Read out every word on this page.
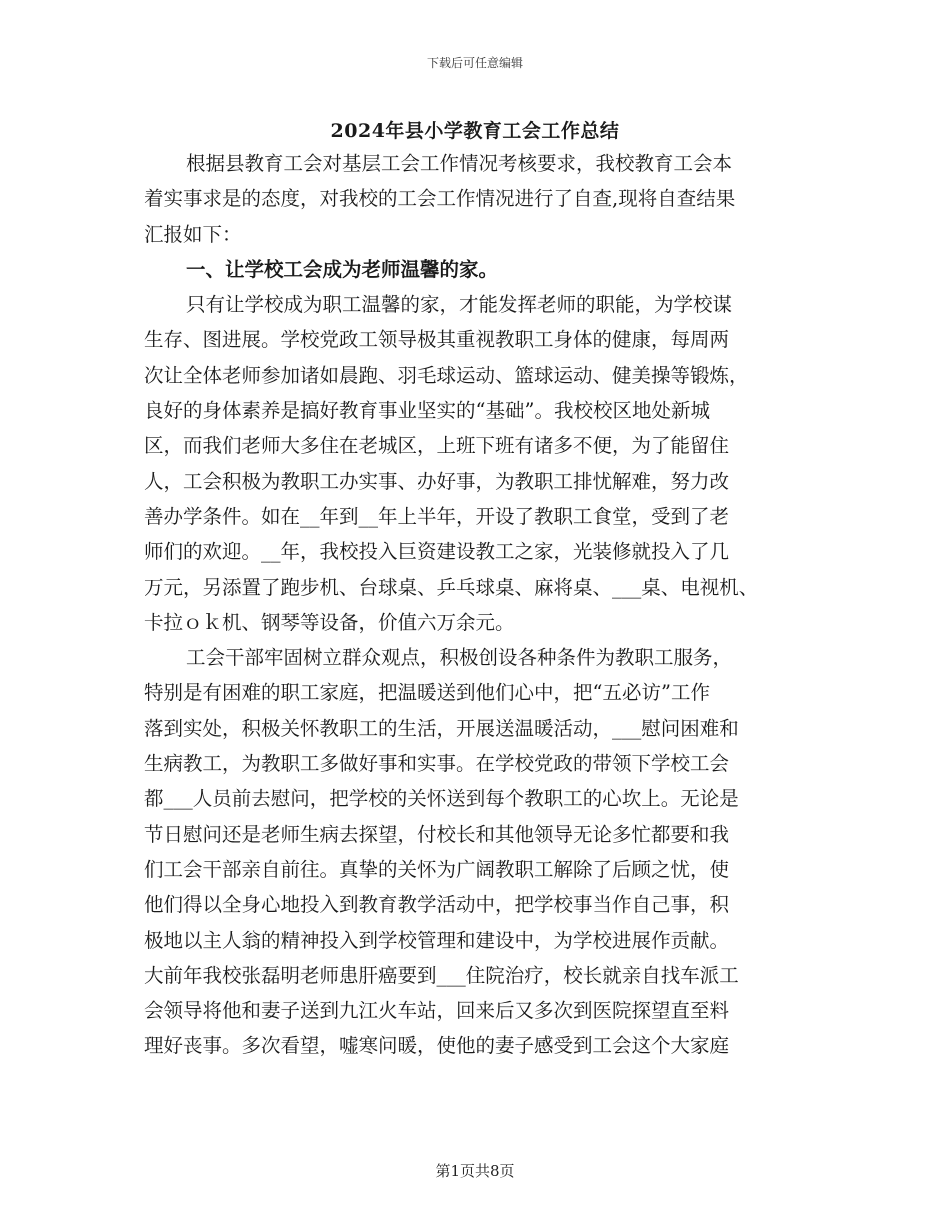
下载后可任意编辑
2024年县小学教育工会工作总结
根据县教育工会对基层工会工作情况考核要求，我校教育工会本
着实事求是的态度，对我校的工会工作情况进行了自查,现将自查结果
汇报如下：
一、让学校工会成为老师温馨的家。
只有让学校成为职工温馨的家，才能发挥老师的职能，为学校谋
生存、图进展。学校党政工领导极其重视教职工身体的健康，每周两
次让全体老师参加诸如晨跑、羽毛球运动、篮球运动、健美操等锻炼，
良好的身体素养是搞好教育事业坚实的“基础”。我校校区地处新城
区，而我们老师大多住在老城区，上班下班有诸多不便，为了能留住
人，工会积极为教职工办实事、办好事，为教职工排忧解难，努力改
善办学条件。如在__年到__年上半年，开设了教职工食堂，受到了老
师们的欢迎。__年，我校投入巨资建设教工之家，光装修就投入了几
万元，另添置了跑步机、台球桌、乒乓球桌、麻将桌、___桌、电视机、
卡拉ｏｋ机、钢琴等设备，价值六万余元。
工会干部牢固树立群众观点，积极创设各种条件为教职工服务，
特别是有困难的职工家庭，把温暖送到他们心中，把“五必访”工作
落到实处，积极关怀教职工的生活，开展送温暖活动，___慰问困难和
生病教工，为教职工多做好事和实事。在学校党政的带领下学校工会
都___人员前去慰问，把学校的关怀送到每个教职工的心坎上。无论是
节日慰问还是老师生病去探望，付校长和其他领导无论多忙都要和我
们工会干部亲自前往。真挚的关怀为广阔教职工解除了后顾之忧，使
他们得以全身心地投入到教育教学活动中，把学校事当作自己事，积
极地以主人翁的精神投入到学校管理和建设中，为学校进展作贡献。
大前年我校张磊明老师患肝癌要到___住院治疗，校长就亲自找车派工
会领导将他和妻子送到九江火车站，回来后又多次到医院探望直至料
理好丧事。多次看望，嘘寒问暖，使他的妻子感受到工会这个大家庭
第1页共8页
